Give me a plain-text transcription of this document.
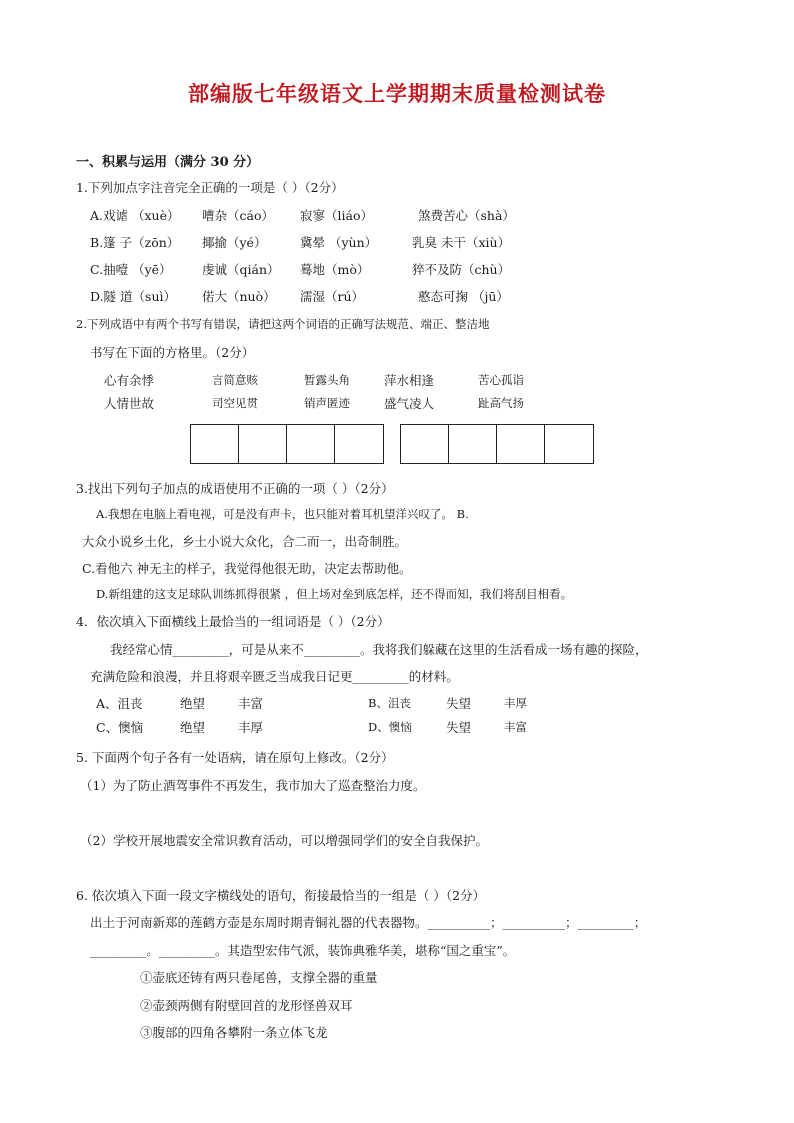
部编版七年级语文上学期期末质量检测试卷
一、积累与运用（满分 30 分）
1.下列加点字注音完全正确的一项是（ ）（2分）
A.戏谑 （xuè） 嘈杂（cáo） 寂寥（liáo）	煞费苦心（shà）
B.篷 子（zōn） 揶揄（yé）	冀晕 （yùn）	乳臭 未干（xiù）
C.抽噎 （yē） 虔诚（qián） 蓦地（mò）	猝不及防（chù）
D.隧 道（suì） 偌大（nuò） 濡湿（rú）	憨态可掬 （jū）
2.下列成语中有两个书写有错误，请把这两个词语的正确写法规范、端正、整洁地
书写在下面的方格里。（2分）
心有余悸	言简意赅	暂露头角	萍水相逢	苦心孤诣
人情世故	司空见贯	销声匿迹	盛气凌人	趾高气扬
3.找出下列句子加点的成语使用不正确的一项（ ）（2分）
A.我想在电脑上看电视，可是没有声卡，也只能对着耳机望洋兴叹了。 B.
大众小说乡土化，乡土小说大众化，合二而一，出奇制胜。
C.看他六 神无主的样子，我觉得他很无助，决定去帮助他。
D.新组建的这支足球队训练抓得很紧 ，但上场对垒到底怎样，还不得而知，我们将刮目相看。
4．依次填入下面横线上最恰当的一组词语是（ ）（2分）
我经常心情_________，可是从来不_________。我将我们躲藏在这里的生活看成一场有趣的探险，
充满危险和浪漫，并且将艰辛匮乏当成我日记更_________的材料。
A、沮丧	绝望	丰富	B、沮丧	失望	丰厚
C、懊恼	绝望	丰厚	D、懊恼	失望	丰富
5. 下面两个句子各有一处语病，请在原句上修改。（2分）
（1）为了防止酒驾事件不再发生，我市加大了巡查整治力度。
（2）学校开展地震安全常识教育活动，可以增强同学们的安全自我保护。
6. 依次填入下面一段文字横线处的语句，衔接最恰当的一组是（ ）（2分）
出土于河南新郑的莲鹤方壶是东周时期青铜礼器的代表器物。__________；__________；_________；
_________。_________。其造型宏伟气派，装饰典雅华美，堪称“国之重宝”。
①壶底还铸有两只卷尾兽，支撑全器的重量
②壶颈两侧有附壁回首的龙形怪兽双耳
③腹部的四角各攀附一条立体飞龙
